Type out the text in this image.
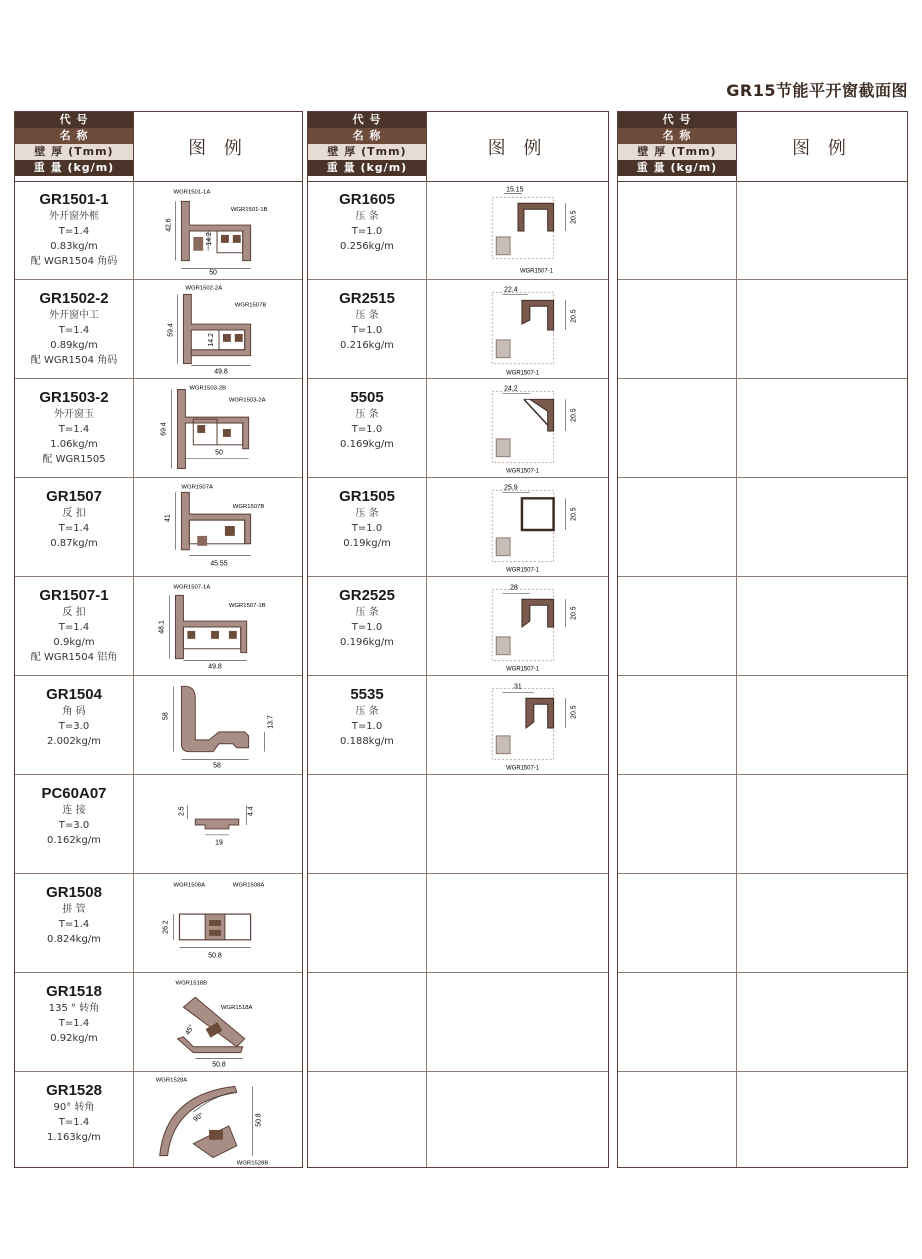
GR15节能平开窗截面图
代 号
名 称
壁 厚 (Tmm)
重 量 (kg/m)
图 例
GR1501-1
外开窗外框
T=1.4
0.83kg/m
配 WGR1504 角码
42.6
14.2
50
WGR1501-1A
WGR1501-1B
GR1502-2
外开窗中工
T=1.4
0.89kg/m
配 WGR1504 角码
59.4
14.2
49.8
WGR1502-2A
WGR1507B
GR1503-2
外开窗玉
T=1.4
1.06kg/m
配 WGR1505
69.4
50
WGR1503-2B
WGR1503-2A
GR1507
反 扣
T=1.4
0.87kg/m
41
45.55
WGR1507A
WGR1507B
GR1507-1
反 扣
T=1.4
0.9kg/m
配 WGR1504 铝角
48.1
49.8
WGR1507-1A
WGR1507-1B
GR1504
角 码
T=3.0
2.002kg/m
58	13.7
58
PC60A07
连 接
T=3.0
0.162kg/m
2.5	4.4
19
GR1508
拼 管
T=1.4
0.824kg/m
26.2
50.8
WGR1508A	WGR1508A
GR1518
135 ° 转角
T=1.4
0.92kg/m
45°
50.8
WGR1518B
WGR1518A
GR1528
90° 转角
T=1.4
1.163kg/m
90°	50.8
WGR1528A
WGR1528B
代 号
名 称
壁 厚 (Tmm)
重 量 (kg/m)
图 例
GR1605
压 条
T=1.0
0.256kg/m
15.15
20.5
WGR1507-1
GR2515
压 条
T=1.0
0.216kg/m
22.4
20.5
WGR1507-1
5505
压 条
T=1.0
0.169kg/m
24.2
20.5
WGR1507-1
GR1505
压 条
T=1.0
0.19kg/m
25.9
20.5
WGR1507-1
GR2525
压 条
T=1.0
0.196kg/m
28
20.5
WGR1507-1
5535
压 条
T=1.0
0.188kg/m
31
20.5
WGR1507-1
代 号
名 称
壁 厚 (Tmm)
重 量 (kg/m)
图 例
